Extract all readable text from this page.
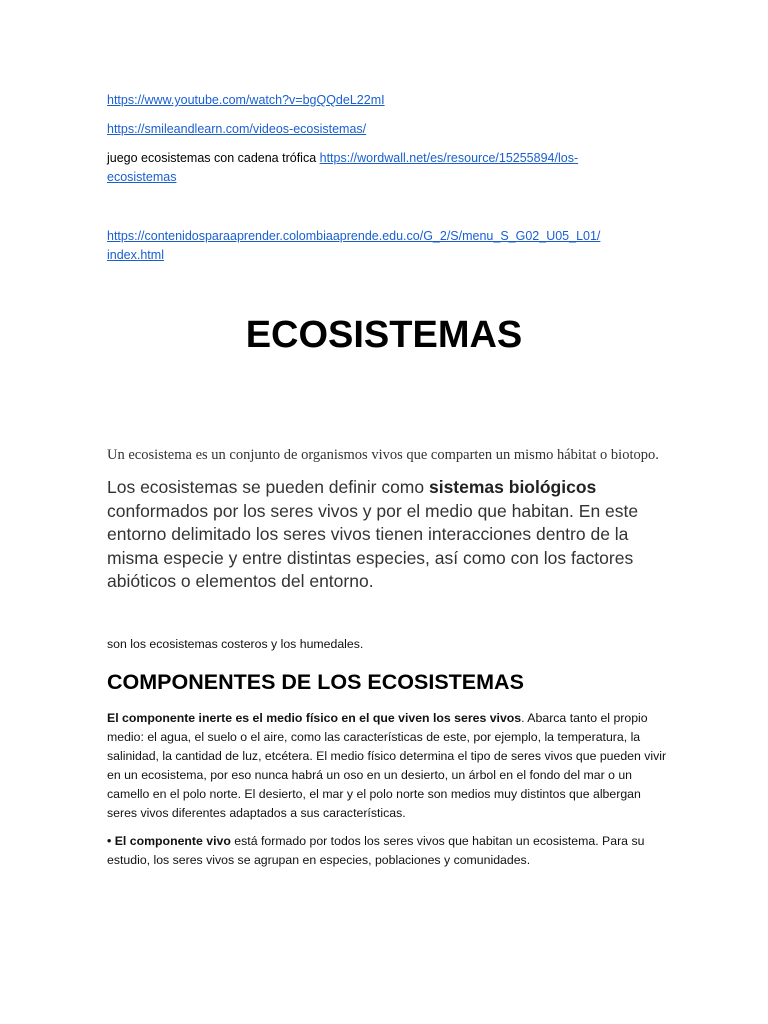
https://www.youtube.com/watch?v=bgQQdeL22mI

https://smileandlearn.com/videos-ecosistemas/

juego ecosistemas con cadena trófica https://wordwall.net/es/resource/15255894/los-
ecosistemas

https://contenidosparaaprender.colombiaaprende.edu.co/G_2/S/menu_S_G02_U05_L01/
index.html

ECOSISTEMAS

Un ecosistema es un conjunto de organismos vivos que comparten un mismo hábitat o biotopo.

Los ecosistemas se pueden definir como sistemas biológicos conformados por los seres vivos y por el medio que habitan. En este entorno delimitado los seres vivos tienen interacciones dentro de la misma especie y entre distintas especies, así como con los factores abióticos o elementos del entorno.

son los ecosistemas costeros y los humedales.

COMPONENTES DE LOS ECOSISTEMAS

El componente inerte es el medio físico en el que viven los seres vivos. Abarca tanto el propio medio: el agua, el suelo o el aire, como las características de este, por ejemplo, la temperatura, la salinidad, la cantidad de luz, etcétera. El medio físico determina el tipo de seres vivos que pueden vivir en un ecosistema, por eso nunca habrá un oso en un desierto, un árbol en el fondo del mar o un camello en el polo norte. El desierto, el mar y el polo norte son medios muy distintos que albergan seres vivos diferentes adaptados a sus características.

• El componente vivo está formado por todos los seres vivos que habitan un ecosistema. Para su estudio, los seres vivos se agrupan en especies, poblaciones y comunidades.
